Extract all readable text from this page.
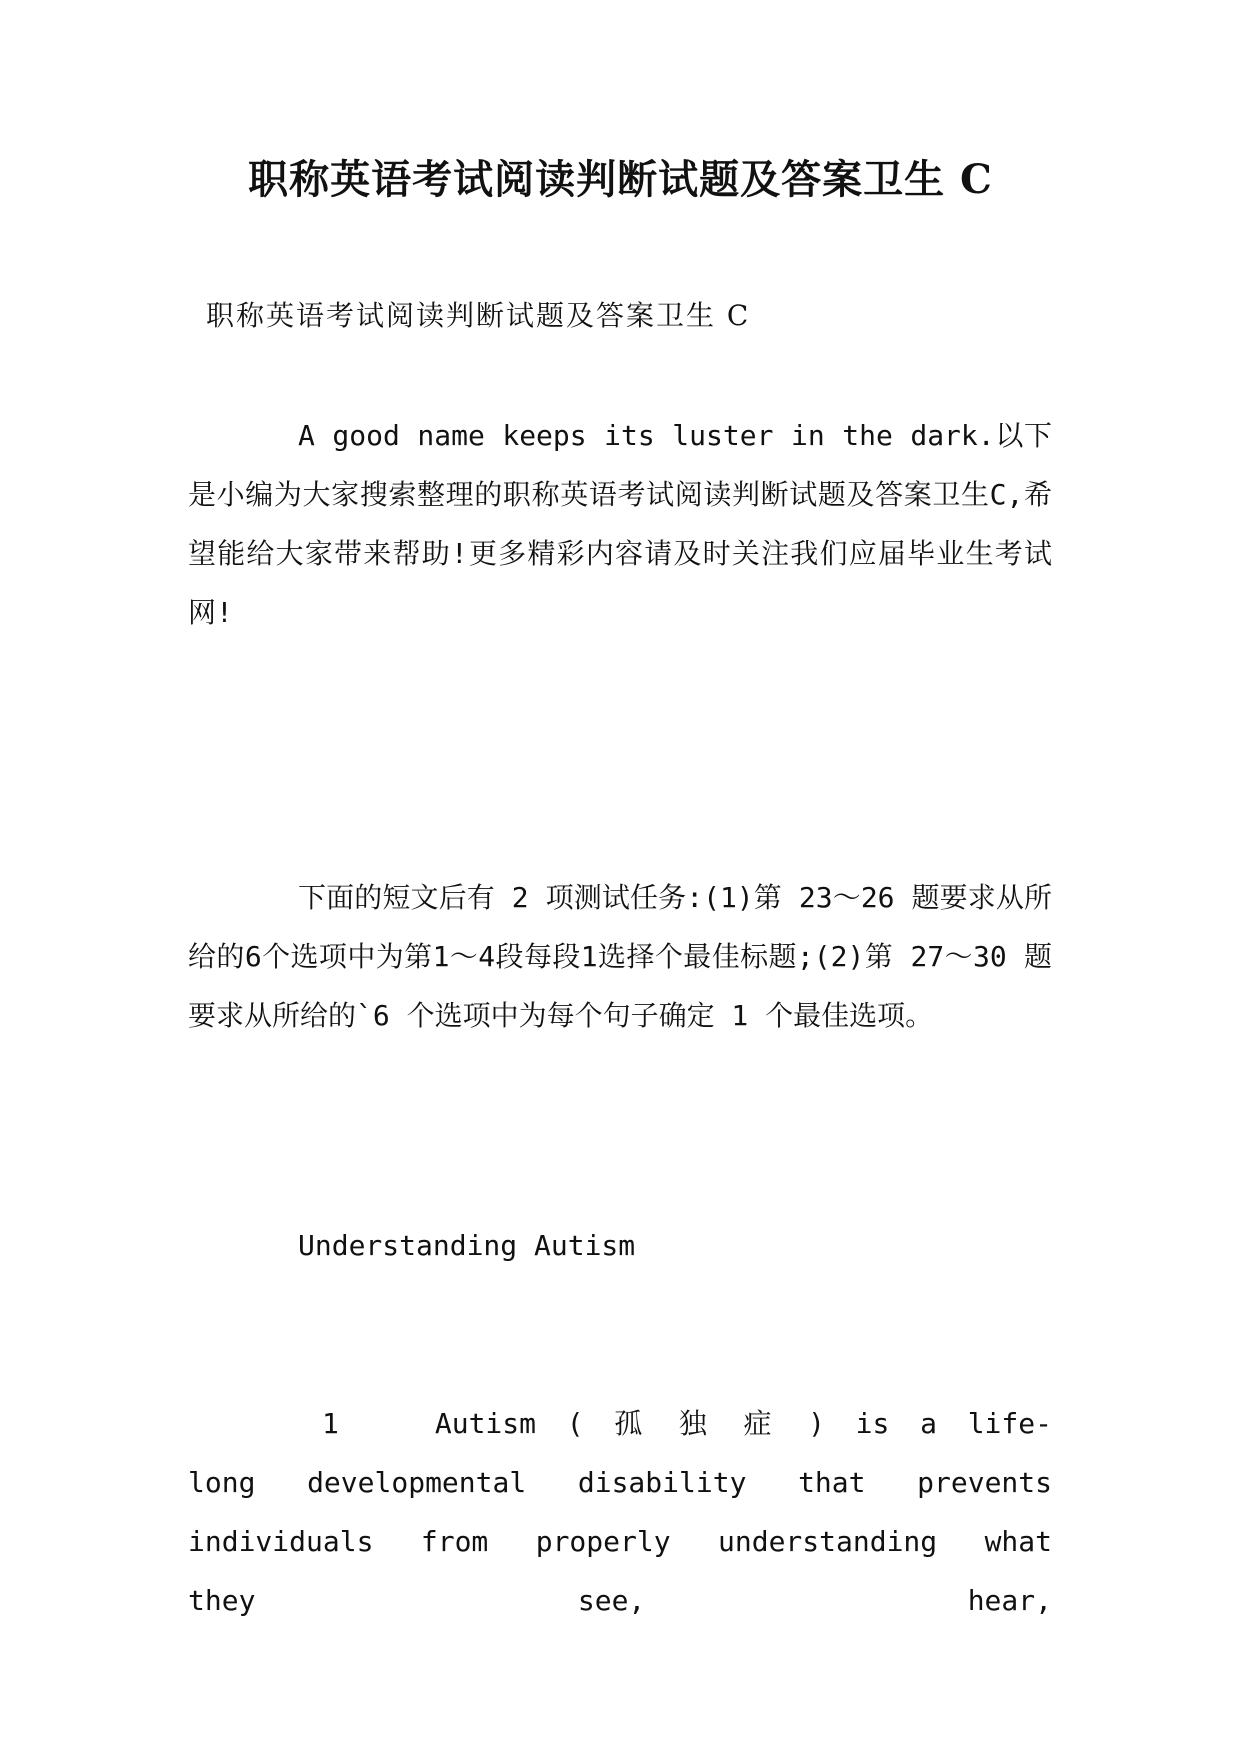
职称英语考试阅读判断试题及答案卫生 C
职称英语考试阅读判断试题及答案卫生 C
A good name keeps its luster in the dark.以下是小编为大家搜索整理的职称英语考试阅读判断试题及答案卫生C,希望能给大家带来帮助!更多精彩内容请及时关注我们应届毕业生考试网!
下面的短文后有 2 项测试任务:(1)第 23～26 题要求从所给的6个选项中为第1～4段每段1选择个最佳标题;(2)第 27～30 题要求从所给的`6 个选项中为每个句子确定 1 个最佳选项。
Understanding Autism
1	Autism ( 孤 独 症 ) is a life-long developmental disability that prevents individuals from properly understanding what they see, hear,
